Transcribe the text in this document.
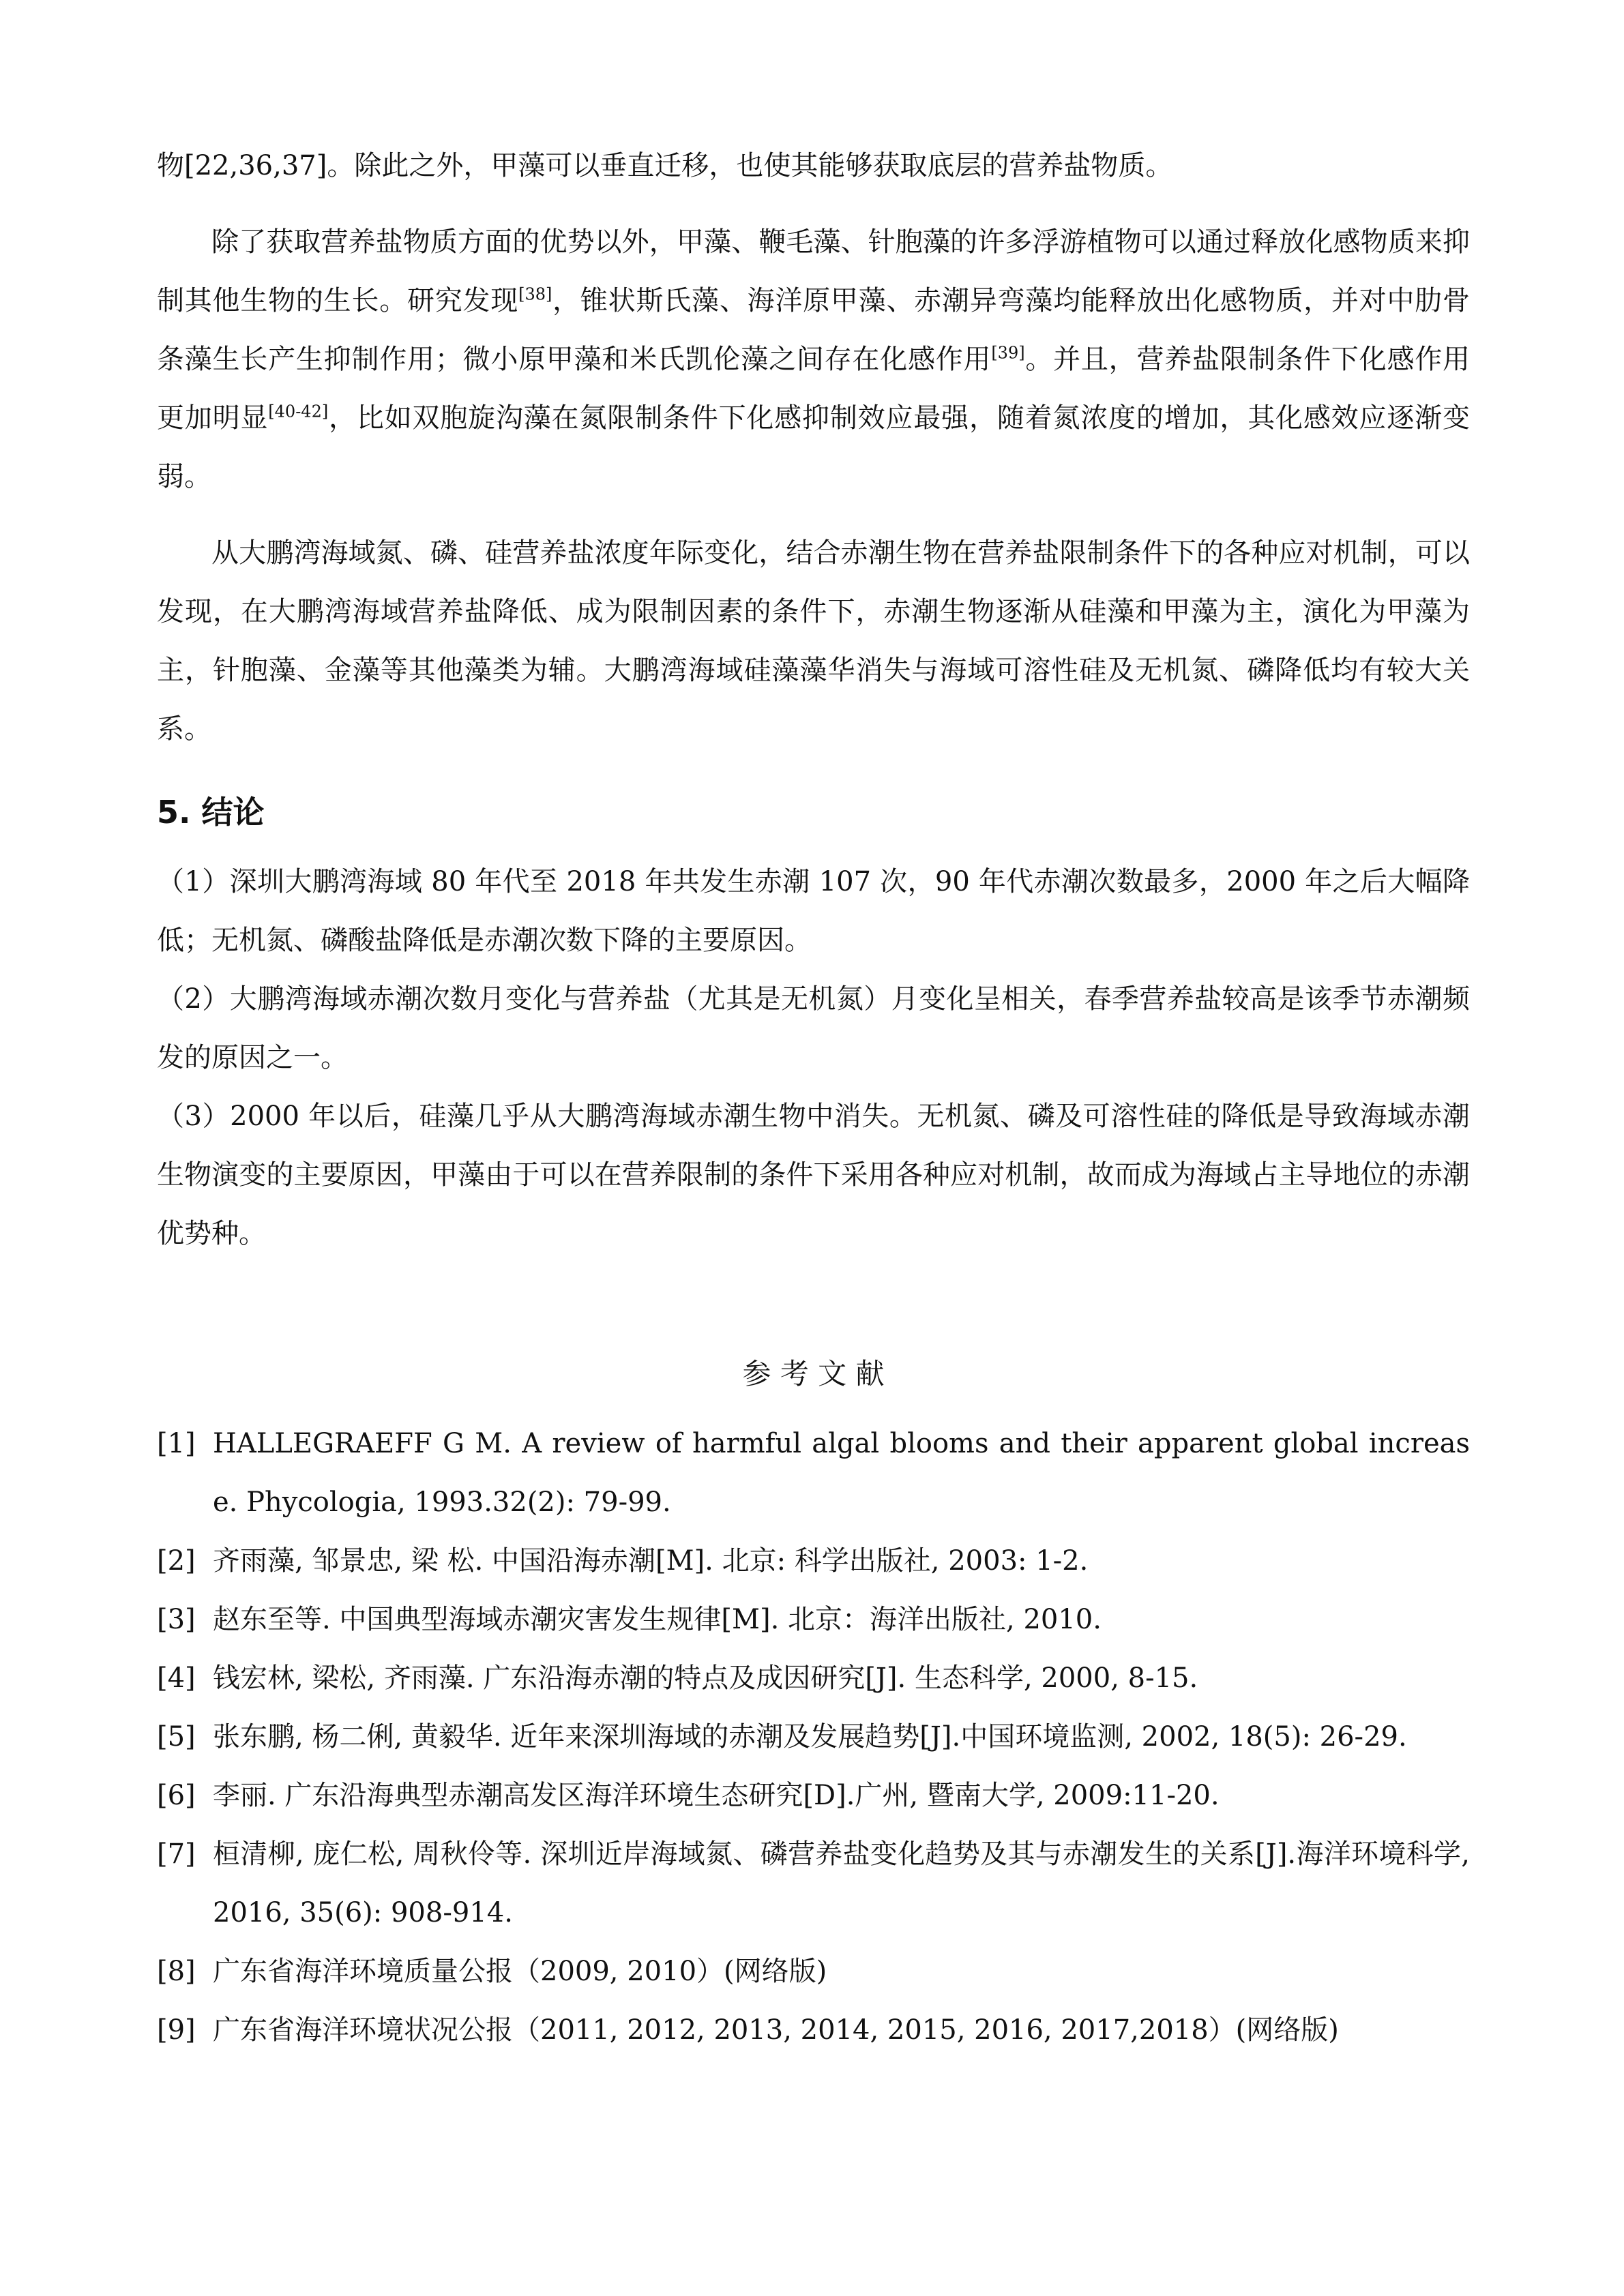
物[22,36,37]。除此之外，甲藻可以垂直迁移，也使其能够获取底层的营养盐物质。

除了获取营养盐物质方面的优势以外，甲藻、鞭毛藻、针胞藻的许多浮游植物可以通过释放化感物质来抑制其他生物的生长。研究发现[38]，锥状斯氏藻、海洋原甲藻、赤潮异弯藻均能释放出化感物质，并对中肋骨条藻生长产生抑制作用；微小原甲藻和米氏凯伦藻之间存在化感作用[39]。并且，营养盐限制条件下化感作用更加明显[40-42]，比如双胞旋沟藻在氮限制条件下化感抑制效应最强，随着氮浓度的增加，其化感效应逐渐变弱。

从大鹏湾海域氮、磷、硅营养盐浓度年际变化，结合赤潮生物在营养盐限制条件下的各种应对机制，可以发现，在大鹏湾海域营养盐降低、成为限制因素的条件下，赤潮生物逐渐从硅藻和甲藻为主，演化为甲藻为主，针胞藻、金藻等其他藻类为辅。大鹏湾海域硅藻藻华消失与海域可溶性硅及无机氮、磷降低均有较大关系。

5. 结论

（1）深圳大鹏湾海域 80 年代至 2018 年共发生赤潮 107 次，90 年代赤潮次数最多，2000 年之后大幅降低；无机氮、磷酸盐降低是赤潮次数下降的主要原因。

（2）大鹏湾海域赤潮次数月变化与营养盐（尤其是无机氮）月变化呈相关，春季营养盐较高是该季节赤潮频发的原因之一。

（3）2000 年以后，硅藻几乎从大鹏湾海域赤潮生物中消失。无机氮、磷及可溶性硅的降低是导致海域赤潮生物演变的主要原因，甲藻由于可以在营养限制的条件下采用各种应对机制，故而成为海域占主导地位的赤潮优势种。

参 考 文 献
[1] HALLEGRAEFF G M. A review of harmful algal blooms and their apparent global increase. Phycologia, 1993.32(2): 79-99.
[2] 齐雨藻, 邹景忠, 梁 松. 中国沿海赤潮[M]. 北京: 科学出版社, 2003: 1-2.
[3] 赵东至等. 中国典型海域赤潮灾害发生规律[M]. 北京：海洋出版社, 2010.
[4] 钱宏林, 梁松, 齐雨藻. 广东沿海赤潮的特点及成因研究[J]. 生态科学, 2000, 8-15.
[5] 张东鹏, 杨二俐, 黄毅华. 近年来深圳海域的赤潮及发展趋势[J].中国环境监测, 2002, 18(5): 26-29.
[6] 李丽. 广东沿海典型赤潮高发区海洋环境生态研究[D].广州, 暨南大学, 2009:11-20.
[7] 桓清柳, 庞仁松, 周秋伶等. 深圳近岸海域氮、磷营养盐变化趋势及其与赤潮发生的关系[J].海洋环境科学, 2016, 35(6): 908-914.
[8] 广东省海洋环境质量公报（2009, 2010）(网络版)
[9] 广东省海洋环境状况公报（2011, 2012, 2013, 2014, 2015, 2016, 2017,2018）(网络版)
